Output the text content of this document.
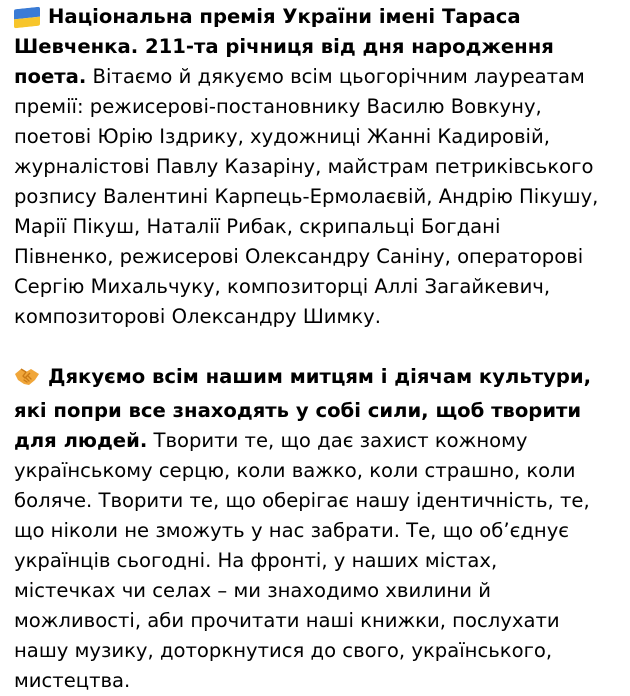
Національна премія України імені Тараса Шевченка. 211-та річниця від дня народження поета. Вітаємо й дякуємо всім цьогорічним лауреатам премії: режисерові-постановнику Василю Вовкуну, поетові Юрію Іздрику, художниці Жанні Кадировій, журналістові Павлу Казаріну, майстрам петриківського розпису Валентині Карпець-Ермолаєвій, Андрію Пікушу, Марії Пікуш, Наталії Рибак, скрипальці Богдані Півненко, режисерові Олександру Саніну, операторові Сергію Михальчуку, композиторці Аллі Загайкевич, композиторові Олександру Шимку.

Дякуємо всім нашим митцям і діячам культури, які попри все знаходять у собі сили, щоб творити для людей. Творити те, що дає захист кожному українському серцю, коли важко, коли страшно, коли боляче. Творити те, що оберігає нашу ідентичність, те, що ніколи не зможуть у нас забрати. Те, що об’єднує українців сьогодні. На фронті, у наших містах, містечках чи селах – ми знаходимо хвилини й можливості, аби прочитати наші книжки, послухати нашу музику, доторкнутися до свого, українського, мистецтва.
